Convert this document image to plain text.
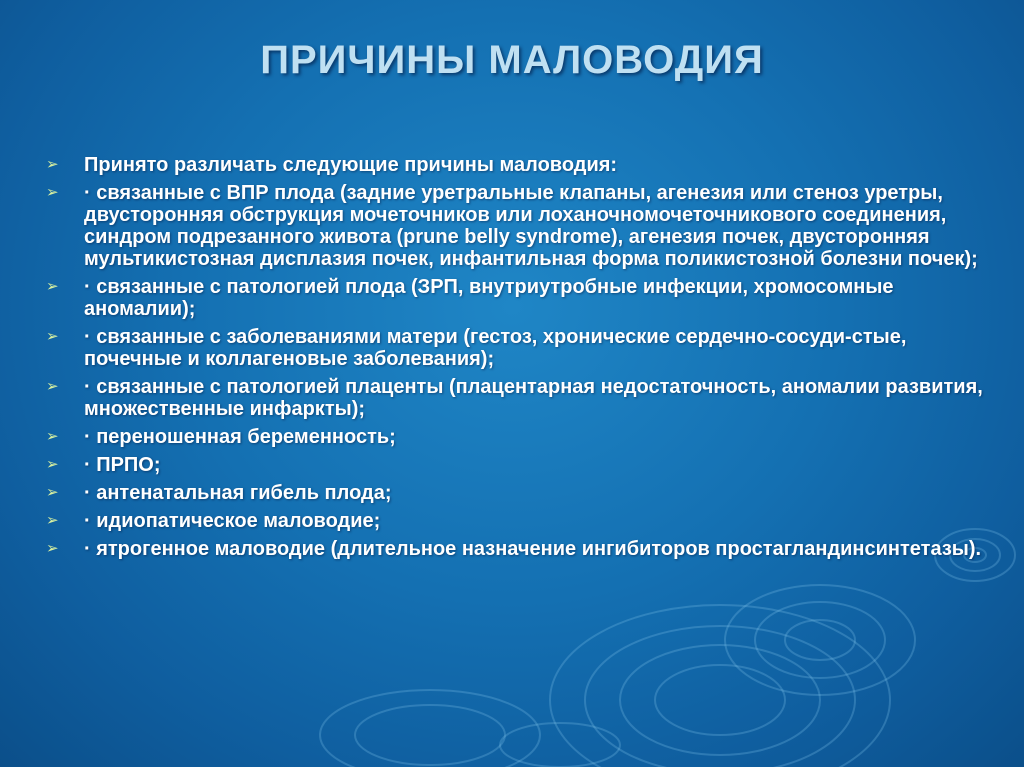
ПРИЧИНЫ МАЛОВОДИЯ
➢ Принято различать следующие причины маловодия:
➢ · связанные с ВПР плода (задние уретральные клапаны, агенезия или стеноз уретры, двусторонняя обструкция мочеточников или лоханочномочеточникового соединения, синдром подрезанного живота (prune belly syndrome), агенезия почек, двусторонняя мультикистозная дисплазия почек, инфантильная форма поликистозной болезни почек);
➢ · связанные с патологией плода (ЗРП, внутриутробные инфекции, хромосомные аномалии);
➢ · связанные с заболеваниями матери (гестоз, хронические сердечно-сосуди-стые, почечные и коллагеновые заболевания);
➢ · связанные с патологией плаценты (плацентарная недостаточность, аномалии развития, множественные инфаркты);
➢ · переношенная беременность;
➢ · ПРПО;
➢ · антенатальная гибель плода;
➢ · идиопатическое маловодие;
➢ · ятрогенное маловодие (длительное назначение ингибиторов простагландинсинтетазы).
